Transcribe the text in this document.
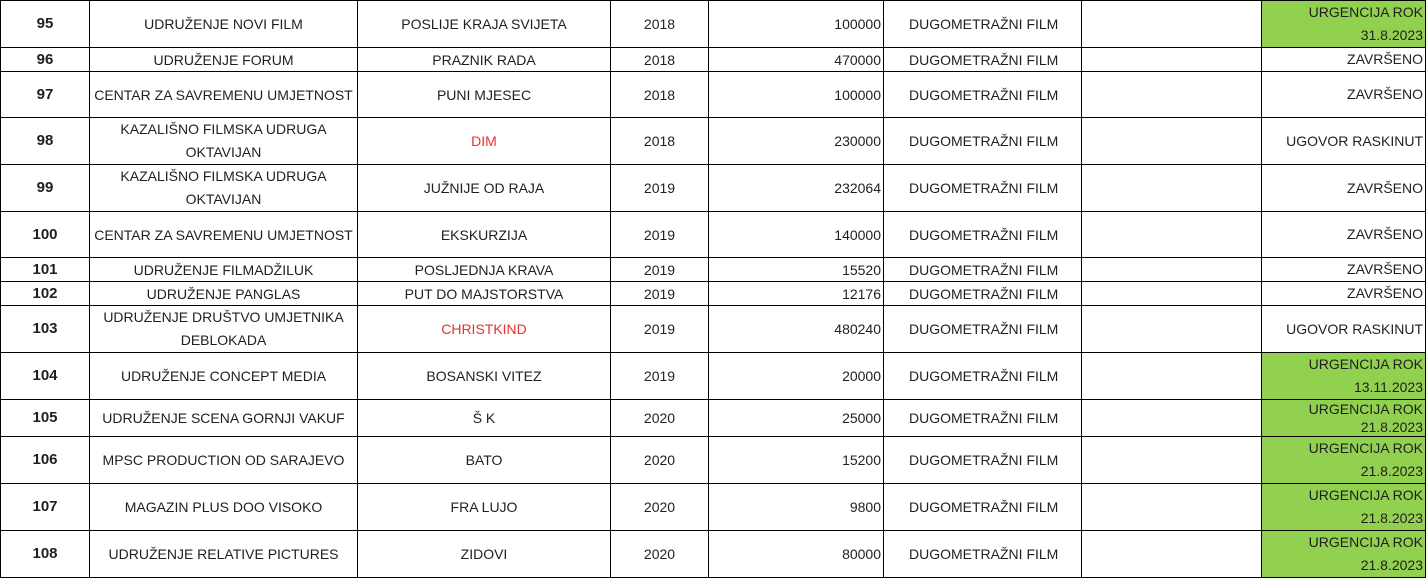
95	UDRUŽENJE NOVI FILM	POSLIJE KRAJA SVIJETA	2018	100000	DUGOMETRAŽNI FILM		URGENCIJA ROK 31.8.2023
96	UDRUŽENJE FORUM	PRAZNIK RADA	2018	470000	DUGOMETRAŽNI FILM		ZAVRŠENO
97	CENTAR ZA SAVREMENU UMJETNOST	PUNI MJESEC	2018	100000	DUGOMETRAŽNI FILM		ZAVRŠENO
98	KAZALIŠNO FILMSKA UDRUGA OKTAVIJAN	DIM	2018	230000	DUGOMETRAŽNI FILM		UGOVOR RASKINUT
99	KAZALIŠNO FILMSKA UDRUGA OKTAVIJAN	JUŽNIJE OD RAJA	2019	232064	DUGOMETRAŽNI FILM		ZAVRŠENO
100	CENTAR ZA SAVREMENU UMJETNOST	EKSKURZIJA	2019	140000	DUGOMETRAŽNI FILM		ZAVRŠENO
101	UDRUŽENJE FILMADŽILUK	POSLJEDNJA KRAVA	2019	15520	DUGOMETRAŽNI FILM		ZAVRŠENO
102	UDRUŽENJE PANGLAS	PUT DO MAJSTORSTVA	2019	12176	DUGOMETRAŽNI FILM		ZAVRŠENO
103	UDRUŽENJE DRUŠTVO UMJETNIKA DEBLOKADA	CHRISTKIND	2019	480240	DUGOMETRAŽNI FILM		UGOVOR RASKINUT
104	UDRUŽENJE CONCEPT MEDIA	BOSANSKI VITEZ	2019	20000	DUGOMETRAŽNI FILM		URGENCIJA ROK 13.11.2023
105	UDRUŽENJE SCENA GORNJI VAKUF	Š K	2020	25000	DUGOMETRAŽNI FILM		URGENCIJA ROK 21.8.2023
106	MPSC PRODUCTION OD SARAJEVO	BATO	2020	15200	DUGOMETRAŽNI FILM		URGENCIJA ROK 21.8.2023
107	MAGAZIN PLUS DOO VISOKO	FRA LUJO	2020	9800	DUGOMETRAŽNI FILM		URGENCIJA ROK 21.8.2023
108	UDRUŽENJE RELATIVE PICTURES	ZIDOVI	2020	80000	DUGOMETRAŽNI FILM		URGENCIJA ROK 21.8.2023
